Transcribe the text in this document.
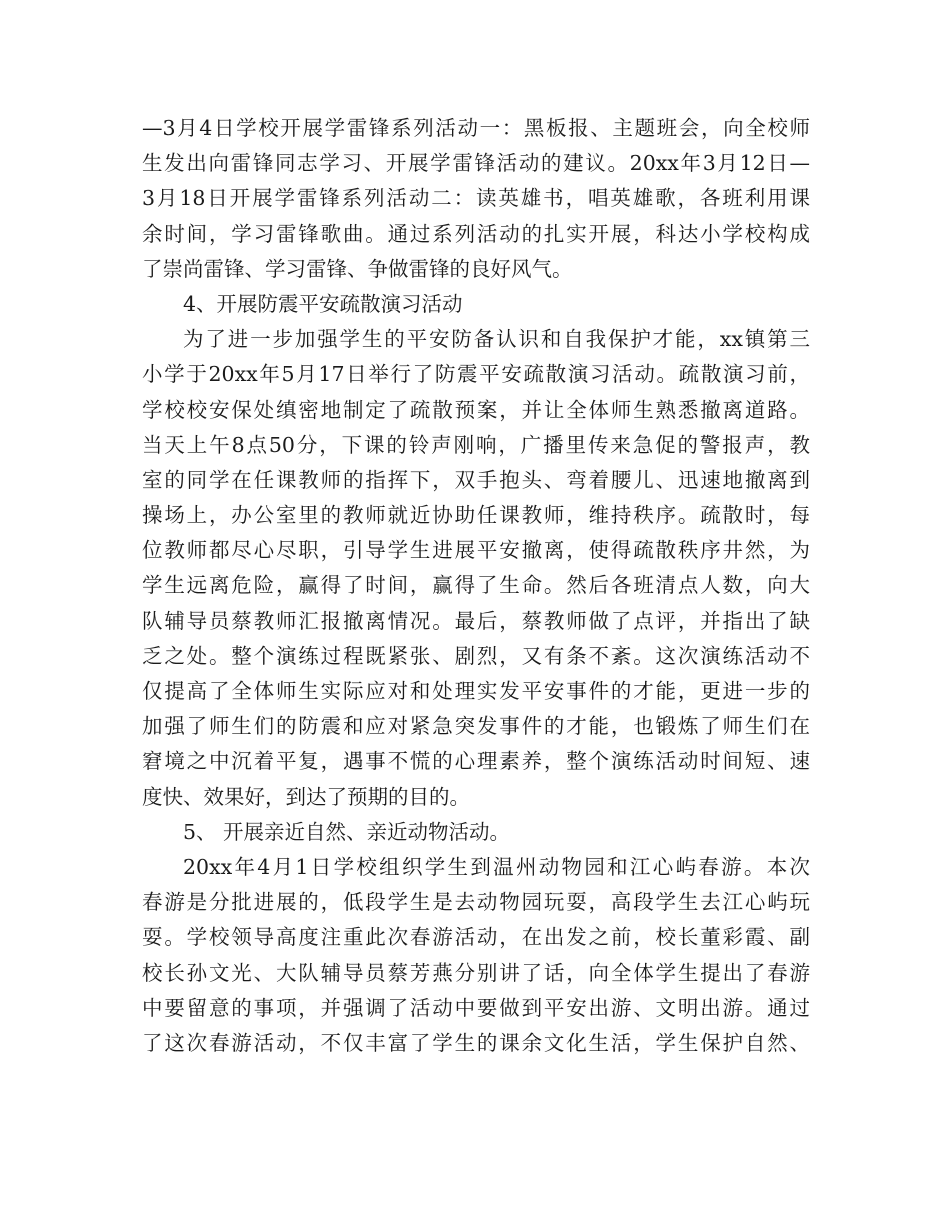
—3月4日学校开展学雷锋系列活动一：黑板报、主题班会，向全校师
生发出向雷锋同志学习、开展学雷锋活动的建议。20xx年3月12日—
3月18日开展学雷锋系列活动二：读英雄书，唱英雄歌，各班利用课
余时间，学习雷锋歌曲。通过系列活动的扎实开展，科达小学校构成
了崇尚雷锋、学习雷锋、争做雷锋的良好风气。
4、开展防震平安疏散演习活动
为了进一步加强学生的平安防备认识和自我保护才能，xx镇第三
小学于20xx年5月17日举行了防震平安疏散演习活动。疏散演习前，
学校校安保处缜密地制定了疏散预案，并让全体师生熟悉撤离道路。
当天上午8点50分，下课的铃声刚响，广播里传来急促的警报声，教
室的同学在任课教师的指挥下，双手抱头、弯着腰儿、迅速地撤离到
操场上，办公室里的教师就近协助任课教师，维持秩序。疏散时，每
位教师都尽心尽职，引导学生进展平安撤离，使得疏散秩序井然，为
学生远离危险，赢得了时间，赢得了生命。然后各班清点人数，向大
队辅导员蔡教师汇报撤离情况。最后，蔡教师做了点评，并指出了缺
乏之处。整个演练过程既紧张、剧烈，又有条不紊。这次演练活动不
仅提高了全体师生实际应对和处理实发平安事件的才能，更进一步的
加强了师生们的防震和应对紧急突发事件的才能，也锻炼了师生们在
窘境之中沉着平复，遇事不慌的心理素养，整个演练活动时间短、速
度快、效果好，到达了预期的目的。
5、 开展亲近自然、亲近动物活动。
20xx年4月1日学校组织学生到温州动物园和江心屿春游。本次
春游是分批进展的，低段学生是去动物园玩耍，高段学生去江心屿玩
耍。学校领导高度注重此次春游活动，在出发之前，校长董彩霞、副
校长孙文光、大队辅导员蔡芳燕分别讲了话，向全体学生提出了春游
中要留意的事项，并强调了活动中要做到平安出游、文明出游。通过
了这次春游活动，不仅丰富了学生的课余文化生活，学生保护自然、
